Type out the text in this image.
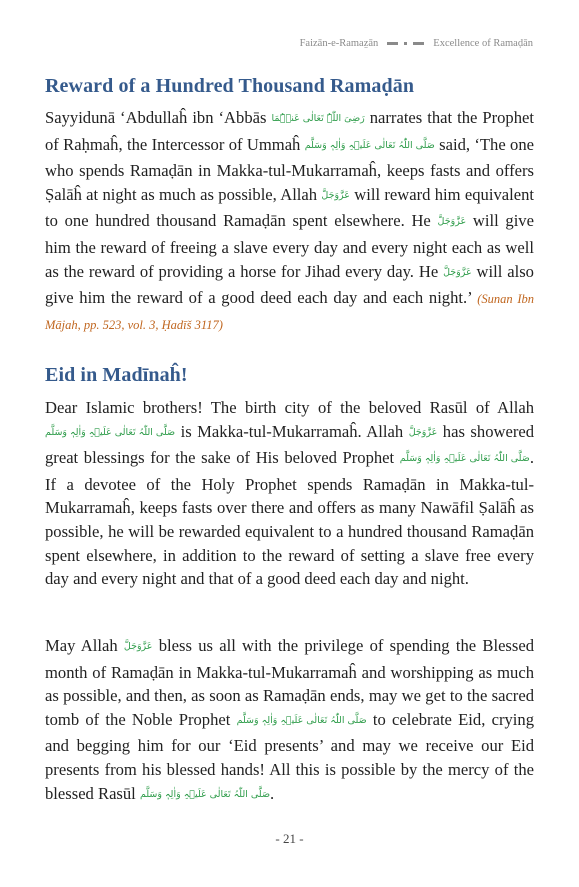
Faizān-e-Ramaz̤ān	Excellence of Ramaḍān
Reward of a Hundred Thousand Ramaḍān

Sayyidunā ‘Abdullaĥ ibn ‘Abbās رَضِیَ اللّٰہُ تَعَالٰی عَنۡہُمَا narrates that the Prophet of Raḥmaĥ, the Intercessor of Ummaĥ صَلَّی اللّٰہُ تَعَالٰی عَلَیۡہِ وَاٰلِہٖ وَسَلَّم said, ‘The one who spends Ramaḍān in Makka-tul-Mukarramaĥ, keeps fasts and offers Ṣalāĥ at night as much as possible, Allah عَزَّوَجَلَّ will reward him equivalent to one hundred thousand Ramaḍān spent elsewhere. He عَزَّوَجَلَّ will give him the reward of freeing a slave every day and every night each as well as the reward of providing a horse for Jihad every day. He عَزَّوَجَلَّ will also give him the reward of a good deed each day and each night.’ (Sunan Ibn Mājah, pp. 523, vol. 3, Ḥadīš 3117)

Eid in Madīnaĥ!

Dear Islamic brothers! The birth city of the beloved Rasūl of Allah صَلَّی اللّٰہُ تَعَالٰی عَلَیۡہِ وَاٰلِہٖ وَسَلَّم is Makka-tul-Mukarramaĥ. Allah عَزَّوَجَلَّ has showered great blessings for the sake of His beloved Prophet صَلَّی اللّٰہُ تَعَالٰی عَلَیۡہِ وَاٰلِہٖ وَسَلَّم. If a devotee of the Holy Prophet spends Ramaḍān in Makka-tul-Mukarramaĥ, keeps fasts over there and offers as many Nawāfil Ṣalāĥ as possible, he will be rewarded equivalent to a hundred thousand Ramaḍān spent elsewhere, in addition to the reward of setting a slave free every day and every night and that of a good deed each day and night.

May Allah عَزَّوَجَلَّ bless us all with the privilege of spending the Blessed month of Ramaḍān in Makka-tul-Mukarramaĥ and worshipping as much as possible, and then, as soon as Ramaḍān ends, may we get to the sacred tomb of the Noble Prophet صَلَّی اللّٰہُ تَعَالٰی عَلَیۡہِ وَاٰلِہٖ وَسَلَّم to celebrate Eid, crying and begging him for our ‘Eid presents’ and may we receive our Eid presents from his blessed hands! All this is possible by the mercy of the blessed Rasūl صَلَّی اللّٰہُ تَعَالٰی عَلَیۡہِ وَاٰلِہٖ وَسَلَّم.

- 21 -
